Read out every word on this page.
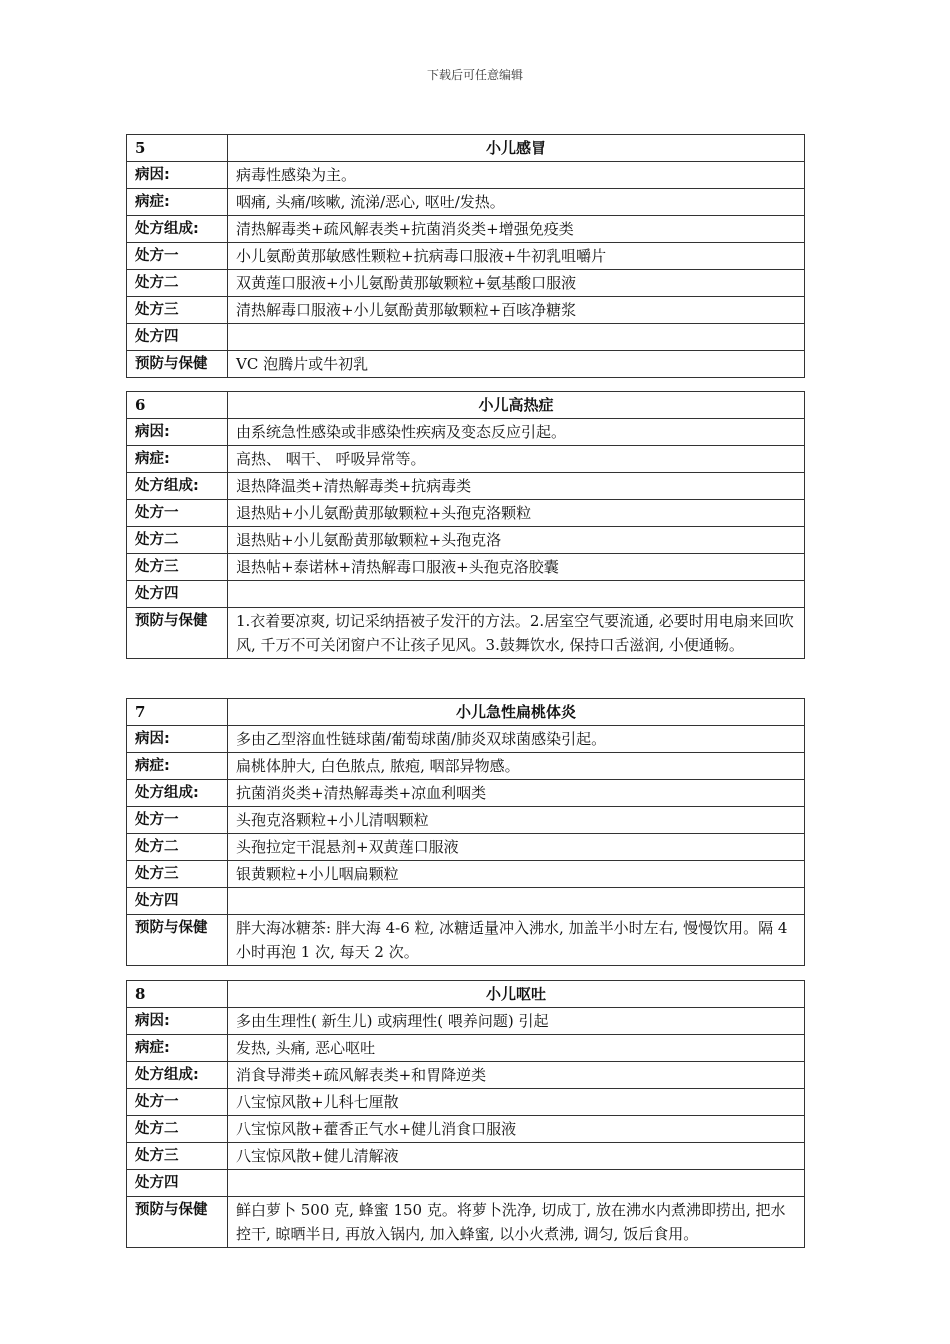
下载后可任意编辑
5	小儿感冒
病因:	病毒性感染为主。
病症:	咽痛, 头痛/咳嗽, 流涕/恶心, 呕吐/发热。
处方组成:	清热解毒类+疏风解表类+抗菌消炎类+增强免疫类
处方一	小儿氨酚黄那敏感性颗粒+抗病毒口服液+牛初乳咀嚼片
处方二	双黄莲口服液+小儿氨酚黄那敏颗粒+氨基酸口服液
处方三	清热解毒口服液+小儿氨酚黄那敏颗粒+百咳净糖浆
处方四	
预防与保健	VC 泡腾片或牛初乳
6	小儿高热症
病因:	由系统急性感染或非感染性疾病及变态反应引起。
病症:	高热、 咽干、 呼吸异常等。
处方组成:	退热降温类+清热解毒类+抗病毒类
处方一	退热贴+小儿氨酚黄那敏颗粒+头孢克洛颗粒
处方二	退热贴+小儿氨酚黄那敏颗粒+头孢克洛
处方三	退热帖+泰诺林+清热解毒口服液+头孢克洛胶囊
处方四	
预防与保健	1.衣着要凉爽, 切记采纳捂被子发汗的方法。2.居室空气要流通, 必要时用电扇来回吹风, 千万不可关闭窗户不让孩子见风。3.鼓舞饮水, 保持口舌滋润, 小便通畅。
7	小儿急性扁桃体炎
病因:	多由乙型溶血性链球菌/葡萄球菌/肺炎双球菌感染引起。
病症:	扁桃体肿大, 白色脓点, 脓疱, 咽部异物感。
处方组成:	抗菌消炎类+清热解毒类+凉血利咽类
处方一	头孢克洛颗粒+小儿清咽颗粒
处方二	头孢拉定干混悬剂+双黄莲口服液
处方三	银黄颗粒+小儿咽扁颗粒
处方四	
预防与保健	胖大海冰糖茶: 胖大海 4-6 粒, 冰糖适量冲入沸水, 加盖半小时左右, 慢慢饮用。隔 4 小时再泡 1 次, 每天 2 次。
8	小儿呕吐
病因:	多由生理性( 新生儿) 或病理性( 喂养问题) 引起
病症:	发热, 头痛, 恶心呕吐
处方组成:	消食导滞类+疏风解表类+和胃降逆类
处方一	八宝惊风散+儿科七厘散
处方二	八宝惊风散+藿香正气水+健儿消食口服液
处方三	八宝惊风散+健儿清解液
处方四	
预防与保健	鲜白萝卜 500 克, 蜂蜜 150 克。将萝卜洗净, 切成丁, 放在沸水内煮沸即捞出, 把水控干, 晾晒半日, 再放入锅内, 加入蜂蜜, 以小火煮沸, 调匀, 饭后食用。
